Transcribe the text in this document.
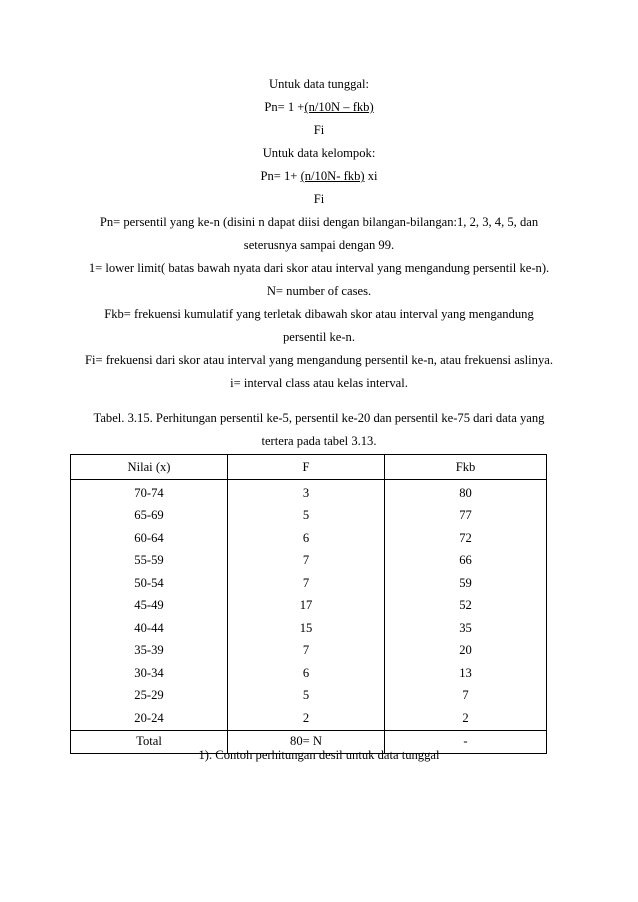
Untuk data tunggal:
Pn= 1 +(n/10N – fkb)
Fi
Untuk data kelompok:
Pn= 1+ (n/10N- fkb) xi
Fi
Pn= persentil yang ke-n (disini n dapat diisi dengan bilangan-bilangan:1, 2, 3, 4, 5, dan
seterusnya sampai dengan 99.
1= lower limit( batas bawah nyata dari skor atau interval yang mengandung persentil ke-n).
N= number of cases.
Fkb= frekuensi kumulatif yang terletak dibawah skor atau interval yang mengandung
persentil ke-n.
Fi= frekuensi dari skor atau interval yang mengandung persentil ke-n, atau frekuensi aslinya.
i= interval class atau kelas interval.
Tabel. 3.15. Perhitungan persentil ke-5, persentil ke-20 dan persentil ke-75 dari data yang
tertera pada tabel 3.13.
Nilai (x)	F	Fkb
70-74	3	80
65-69	5	77
60-64	6	72
55-59	7	66
50-54	7	59
45-49	17	52
40-44	15	35
35-39	7	20
30-34	6	13
25-29	5	7
20-24	2	2
Total	80= N	-
1). Contoh perhitungan desil untuk data tunggal
